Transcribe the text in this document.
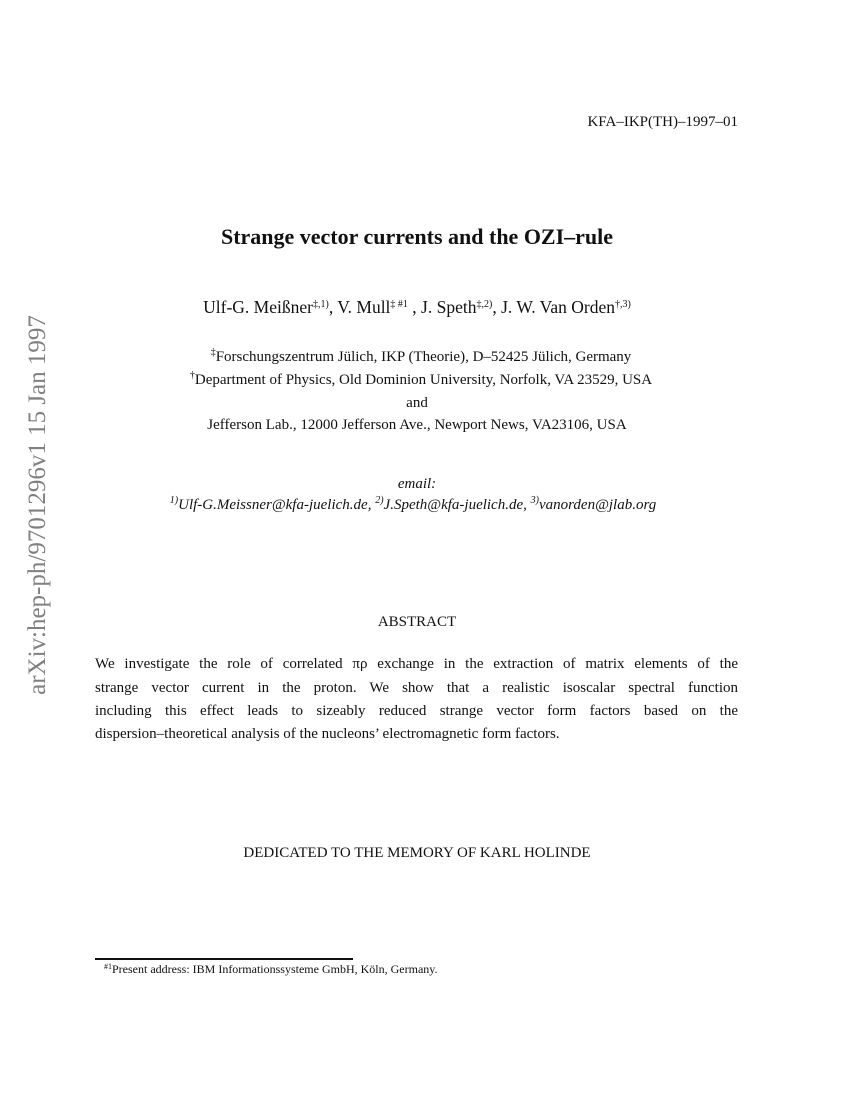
KFA–IKP(TH)–1997–01
arXiv:hep-ph/9701296v1 15 Jan 1997
Strange vector currents and the OZI–rule
Ulf-G. Meißner$^{\ddagger,1)}$, V. Mull$^{\ddagger \#1}$ , J. Speth$^{\ddagger,2)}$, J. W. Van Orden$^{\dagger,3)}$
‡Forschungszentrum Jülich, IKP (Theorie), D–52425 Jülich, Germany
†Department of Physics, Old Dominion University, Norfolk, VA 23529, USA
and
Jefferson Lab., 12000 Jefferson Ave., Newport News, VA23106, USA
email:
$^{1)}$Ulf-G.Meissner@kfa-juelich.de, $^{2)}$J.Speth@kfa-juelich.de, $^{3)}$vanorden@jlab.org
ABSTRACT
We investigate the role of correlated πρ exchange in the extraction of matrix elements of the
strange vector current in the proton. We show that a realistic isoscalar spectral function
including this effect leads to sizeably reduced strange vector form factors based on the
dispersion–theoretical analysis of the nucleons’ electromagnetic form factors.
DEDICATED TO THE MEMORY OF KARL HOLINDE
$^{\#1}$Present address: IBM Informationssysteme GmbH, Köln, Germany.
